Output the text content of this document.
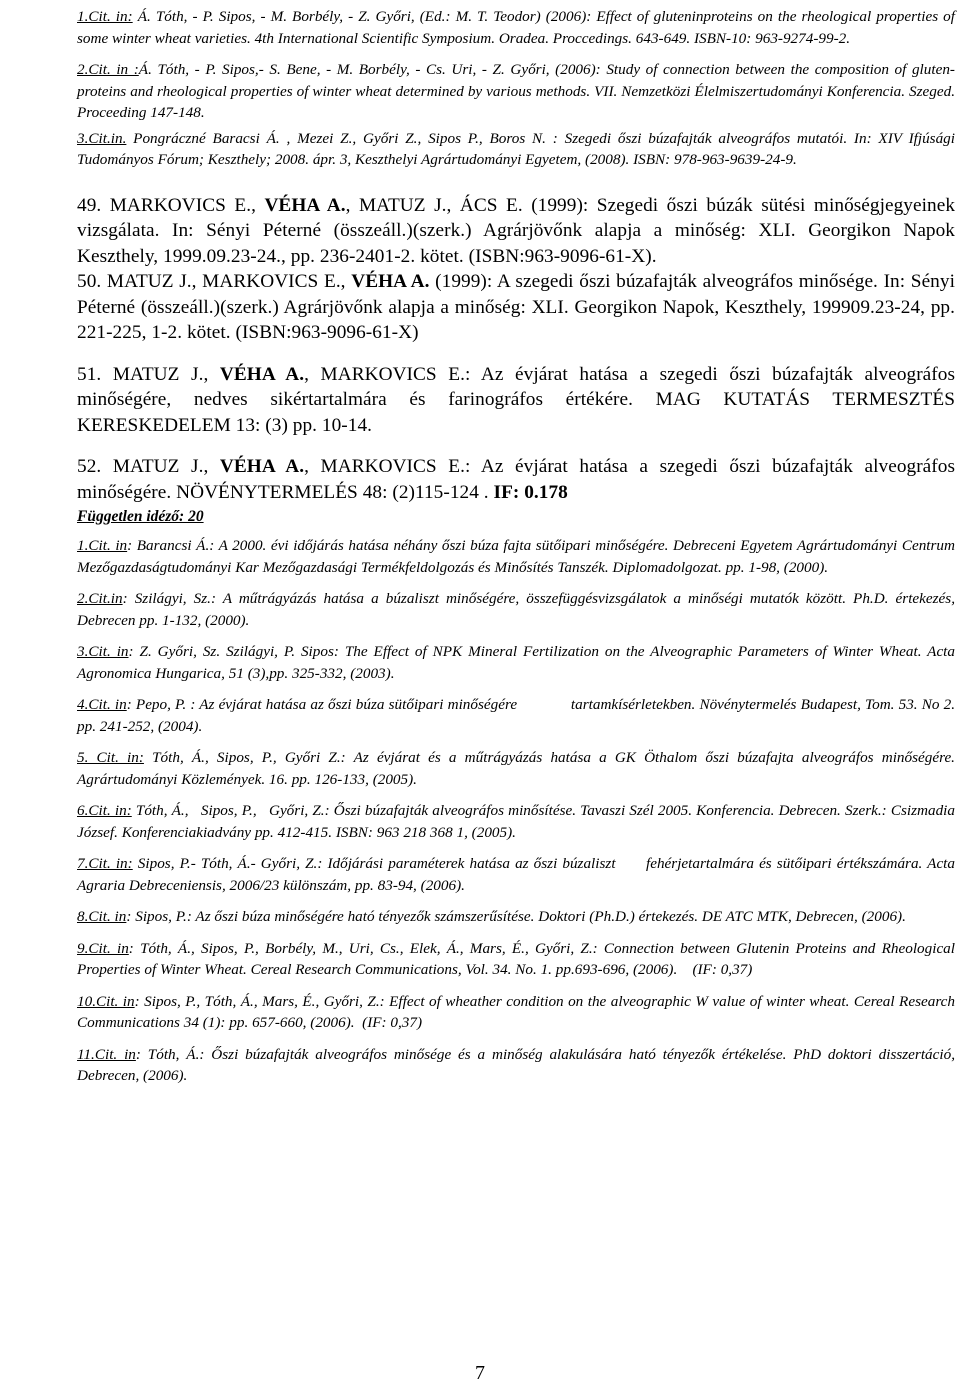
1.Cit. in: Á. Tóth, - P. Sipos, - M. Borbély, - Z. Győri, (Ed.: M. T. Teodor) (2006): Effect of gluteninproteins on the rheological properties of some winter wheat varieties. 4th International Scientific Symposium. Oradea. Proccedings. 643-649. ISBN-10: 963-9274-99-2.

2.Cit. in :Á. Tóth, - P. Sipos,- S. Bene, - M. Borbély, - Cs. Uri, - Z. Győri, (2006): Study of connection between the composition of gluten-proteins and rheological properties of winter wheat determined by various methods. VII. Nemzetközi Élelmiszertudományi Konferencia. Szeged. Proceeding 147-148.

3.Cit.in. Pongráczné Baracsi Á. , Mezei Z., Győri Z., Sipos P., Boros N. : Szegedi őszi búzafajták alveográfos mutatói. In: XIV Ifjúsági Tudományos Fórum; Keszthely; 2008. ápr. 3, Keszthelyi Agrártudományi Egyetem, (2008). ISBN: 978-963-9639-24-9.

49. MARKOVICS E., VÉHA A., MATUZ J., ÁCS E. (1999): Szegedi őszi búzák sütési minőségjegyeinek vizsgálata. In: Sényi Péterné (összeáll.)(szerk.) Agrárjövőnk alapja a minőség: XLI. Georgikon Napok Keszthely, 1999.09.23-24., pp. 236-2401-2. kötet. (ISBN:963-9096-61-X).

50. MATUZ J., MARKOVICS E., VÉHA A. (1999): A szegedi őszi búzafajták alveográfos minősége. In: Sényi Péterné (összeáll.)(szerk.) Agrárjövőnk alapja a minőség: XLI. Georgikon Napok, Keszthely, 199909.23-24, pp. 221-225, 1-2. kötet. (ISBN:963-9096-61-X)

51. MATUZ J., VÉHA A., MARKOVICS E.: Az évjárat hatása a szegedi őszi búzafajták alveográfos minőségére, nedves sikértartalmára és farinográfos értékére. MAG KUTATÁS TERMESZTÉS KERESKEDELEM 13: (3) pp. 10-14.

52. MATUZ J., VÉHA A., MARKOVICS E.: Az évjárat hatása a szegedi őszi búzafajták alveográfos minőségére. NÖVÉNYTERMELÉS 48: (2)115-124 . IF: 0.178

Független idéző: 20

1.Cit. in: Barancsi Á.: A 2000. évi időjárás hatása néhány őszi búza fajta sütőipari minőségére. Debreceni Egyetem Agrártudományi Centrum Mezőgazdaságtudományi Kar Mezőgazdasági Termékfeldolgozás és Minősítés Tanszék. Diplomadolgozat. pp. 1-98, (2000).

2.Cit.in: Szilágyi, Sz.: A műtrágyázás hatása a búzaliszt minőségére, összefüggésvizsgálatok a minőségi mutatók között. Ph.D. értekezés, Debrecen pp. 1-132, (2000).

3.Cit. in: Z. Győri, Sz. Szilágyi, P. Sipos: The Effect of NPK Mineral Fertilization on the Alveographic Parameters of Winter Wheat. Acta Agronomica Hungarica, 51 (3),pp. 325-332, (2003).

4.Cit. in: Pepo, P. : Az évjárat hatása az őszi búza sütőipari minőségére             tartamkísérletekben. Növénytermelés Budapest, Tom. 53. No 2. pp. 241-252, (2004).

5. Cit. in: Tóth, Á., Sipos, P., Győri Z.: Az évjárat és a műtrágyázás hatása a GK Öthalom őszi búzafajta alveográfos minőségére. Agrártudományi Közlemények. 16. pp. 126-133, (2005).

6.Cit. in: Tóth, Á.,   Sipos, P.,   Győri, Z.: Őszi búzafajták alveográfos minősítése. Tavaszi Szél 2005. Konferencia. Debrecen. Szerk.: Csizmadia József. Konferenciakiadvány pp. 412-415. ISBN: 963 218 368 1, (2005).

7.Cit. in: Sipos, P.- Tóth, Á.- Győri, Z.: Időjárási paraméterek hatása az őszi búzaliszt      fehérjetartalmára és sütőipari értékszámára. Acta Agraria Debreceniensis, 2006/23 különszám, pp. 83-94, (2006).

8.Cit. in: Sipos, P.: Az őszi búza minőségére ható tényezők számszerűsítése. Doktori (Ph.D.) értekezés. DE ATC MTK, Debrecen, (2006).

9.Cit. in: Tóth, Á., Sipos, P., Borbély, M., Uri, Cs., Elek, Á., Mars, É., Győri, Z.: Connection between Glutenin Proteins and Rheological Properties of Winter Wheat. Cereal Research Communications, Vol. 34. No. 1. pp.693-696, (2006).    (IF: 0,37)

10.Cit. in: Sipos, P., Tóth, Á., Mars, É., Győri, Z.: Effect of wheather condition on the alveographic W value of winter wheat. Cereal Research Communications 34 (1): pp. 657-660, (2006).  (IF: 0,37)

11.Cit. in: Tóth, Á.: Őszi búzafajták alveográfos minősége és a minőség alakulására ható tényezők értékelése. PhD doktori disszertáció, Debrecen, (2006).

7
